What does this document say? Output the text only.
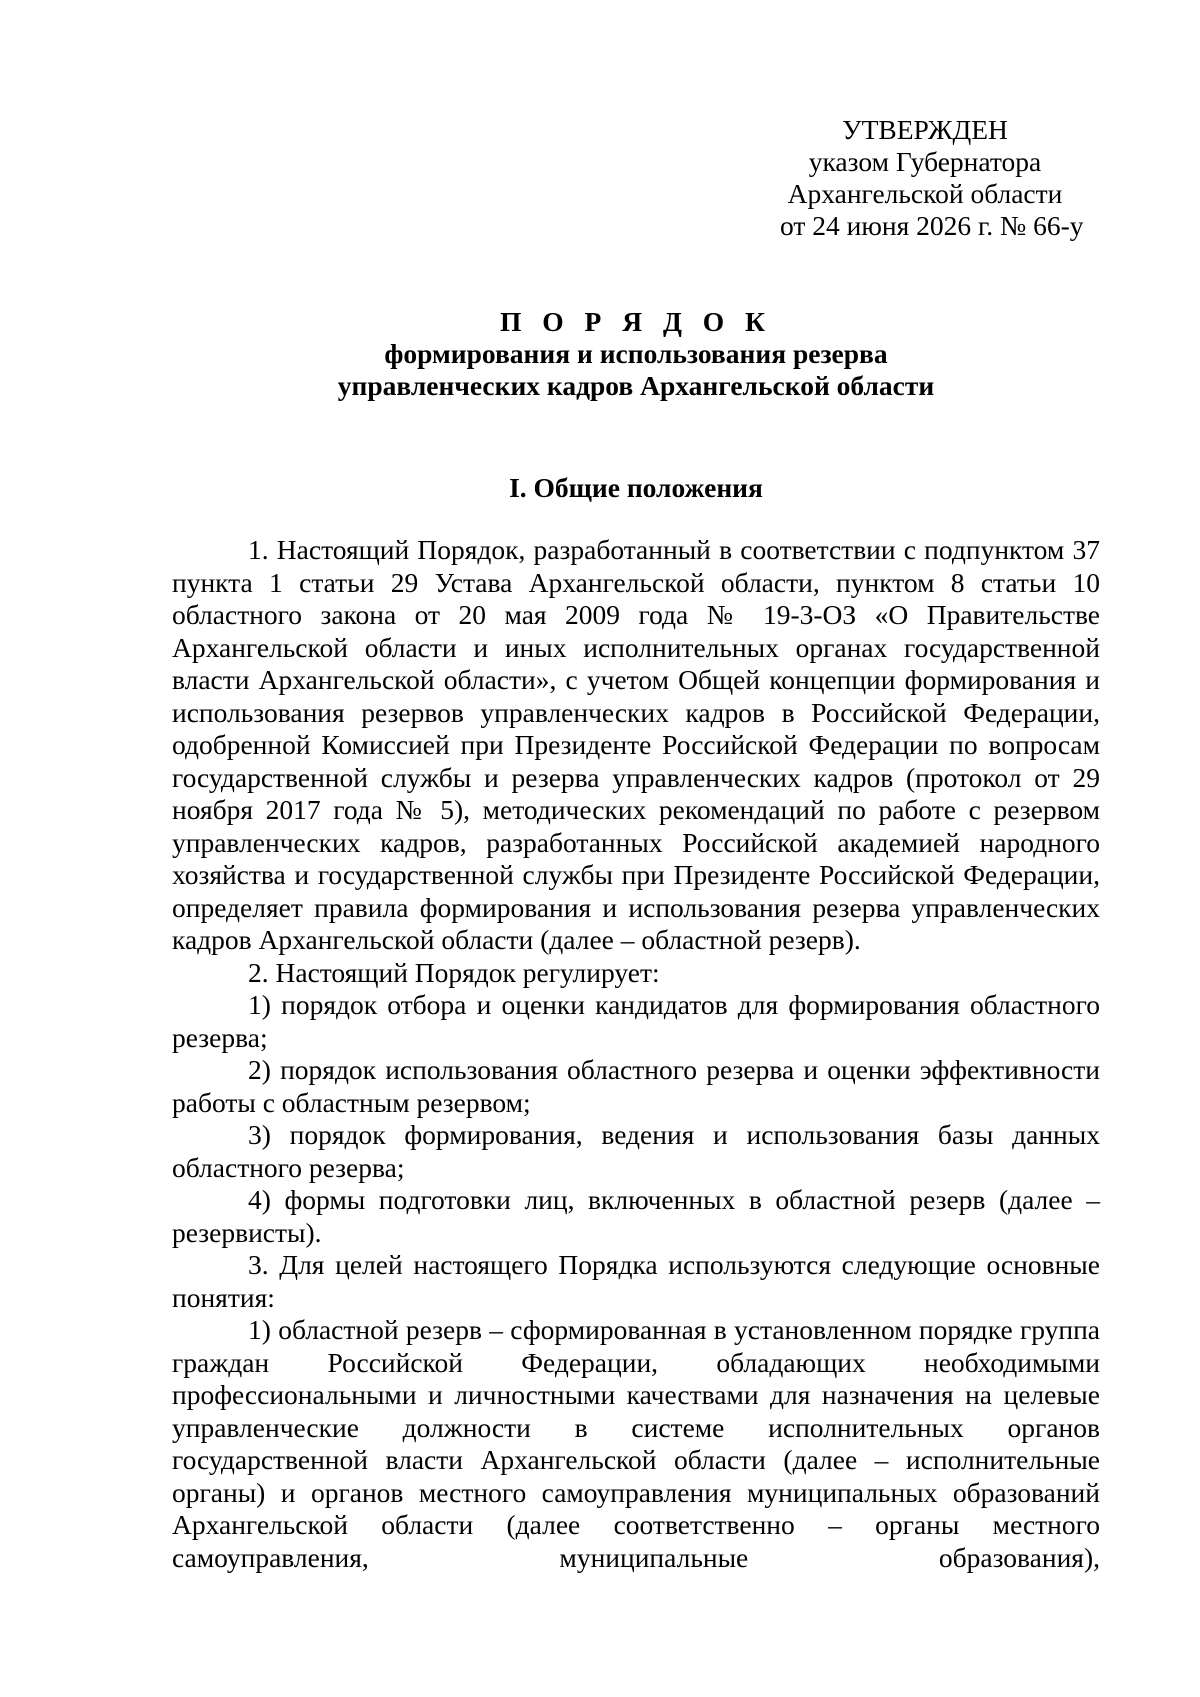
УТВЕРЖДЕН
указом Губернатора
Архангельской области
от 24 июня 2026 г. № 66-у
П О Р Я Д О К
формирования и использования резерва
управленческих кадров Архангельской области
I. Общие положения

1. Настоящий Порядок, разработанный в соответствии с подпунктом 37 пункта 1 статьи 29 Устава Архангельской области, пунктом 8 статьи 10 областного закона от 20 мая 2009 года № 19-3-ОЗ «О Правительстве Архангельской области и иных исполнительных органах государственной власти Архангельской области», с учетом Общей концепции формирования и использования резервов управленческих кадров в Российской Федерации, одобренной Комиссией при Президенте Российской Федерации по вопросам государственной службы и резерва управленческих кадров (протокол от 29 ноября 2017 года № 5), методических рекомендаций по работе с резервом управленческих кадров, разработанных Российской академией народного хозяйства и государственной службы при Президенте Российской Федерации, определяет правила формирования и использования резерва управленческих кадров Архангельской области (далее – областной резерв).

2. Настоящий Порядок регулирует:

1) порядок отбора и оценки кандидатов для формирования областного резерва;

2) порядок использования областного резерва и оценки эффективности работы с областным резервом;

3) порядок формирования, ведения и использования базы данных областного резерва;

4) формы подготовки лиц, включенных в областной резерв (далее – резервисты).

3. Для целей настоящего Порядка используются следующие основные понятия:

1) областной резерв – сформированная в установленном порядке группа граждан Российской Федерации, обладающих необходимыми профессиональными и личностными качествами для назначения на целевые управленческие должности в системе исполнительных органов государственной власти Архангельской области (далее – исполнительные органы) и органов местного самоуправления муниципальных образований Архангельской области (далее соответственно – органы местного самоуправления, муниципальные образования),
